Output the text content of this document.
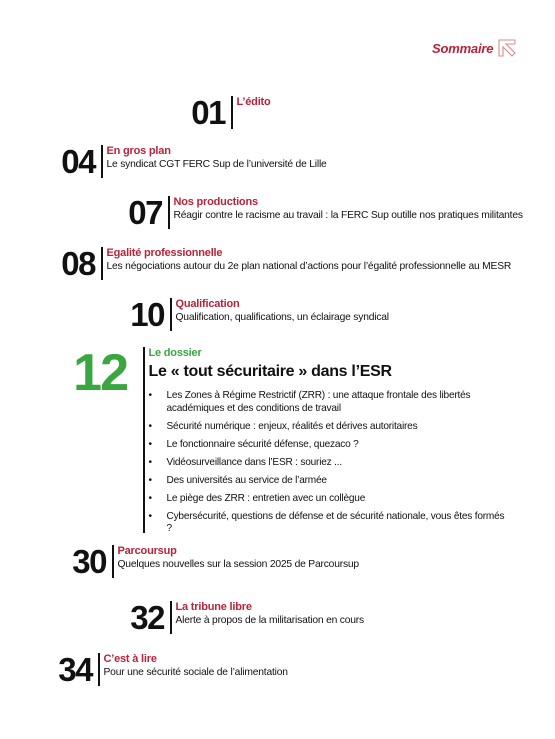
Sommaire
01 L’édito
04 En gros plan
Le syndicat CGT FERC Sup de l’université de Lille
07 Nos productions
Réagir contre le racisme au travail : la FERC Sup outille nos pratiques militantes
08 Egalité professionnelle
Les négociations autour du 2e plan national d’actions pour l’égalité professionnelle au MESR
10 Qualification
Qualification, qualifications, un éclairage syndical
12 Le dossier
Le « tout sécuritaire » dans l’ESR
•	Les Zones à Régime Restrictif (ZRR) : une attaque frontale des libertés académiques et des conditions de travail
•	Sécurité numérique : enjeux, réalités et dérives autoritaires
•	Le fonctionnaire sécurité défense, quezaco ?
•	Vidéosurveillance dans l’ESR : souriez ...
•	Des universités au service de l’armée
•	Le piège des ZRR : entretien avec un collègue
•	Cybersécurité, questions de défense et de sécurité nationale, vous êtes formés ?
30 Parcoursup
Quelques nouvelles sur la session 2025 de Parcoursup
32 La tribune libre
Alerte à propos de la militarisation en cours
34 C’est à lire
Pour une sécurité sociale de l’alimentation
